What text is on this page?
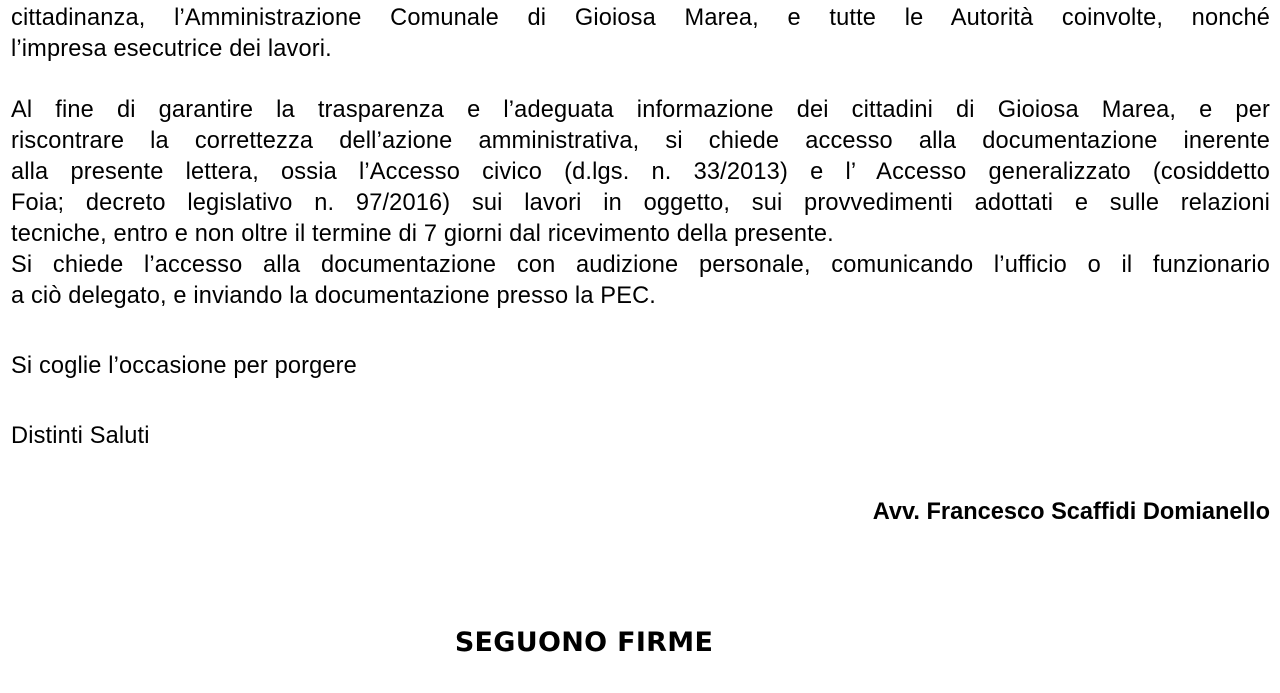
cittadinanza, l’Amministrazione Comunale di Gioiosa Marea, e tutte le Autorità coinvolte, nonché
l’impresa esecutrice dei lavori.

Al fine di garantire la trasparenza e l’adeguata informazione dei cittadini di Gioiosa Marea, e per
riscontrare la correttezza dell’azione amministrativa, si chiede accesso alla documentazione inerente
alla presente lettera, ossia l’Accesso civico (d.lgs. n. 33/2013) e l’ Accesso generalizzato (cosiddetto
Foia; decreto legislativo n. 97/2016) sui lavori in oggetto, sui provvedimenti adottati e sulle relazioni
tecniche, entro e non oltre il termine di 7 giorni dal ricevimento della presente.
Si chiede l’accesso alla documentazione con audizione personale, comunicando l’ufficio o il funzionario
a ciò delegato, e inviando la documentazione presso la PEC.

Si coglie l’occasione per porgere

Distinti Saluti

Avv. Francesco Scaffidi Domianello

SEGUONO FIRME
